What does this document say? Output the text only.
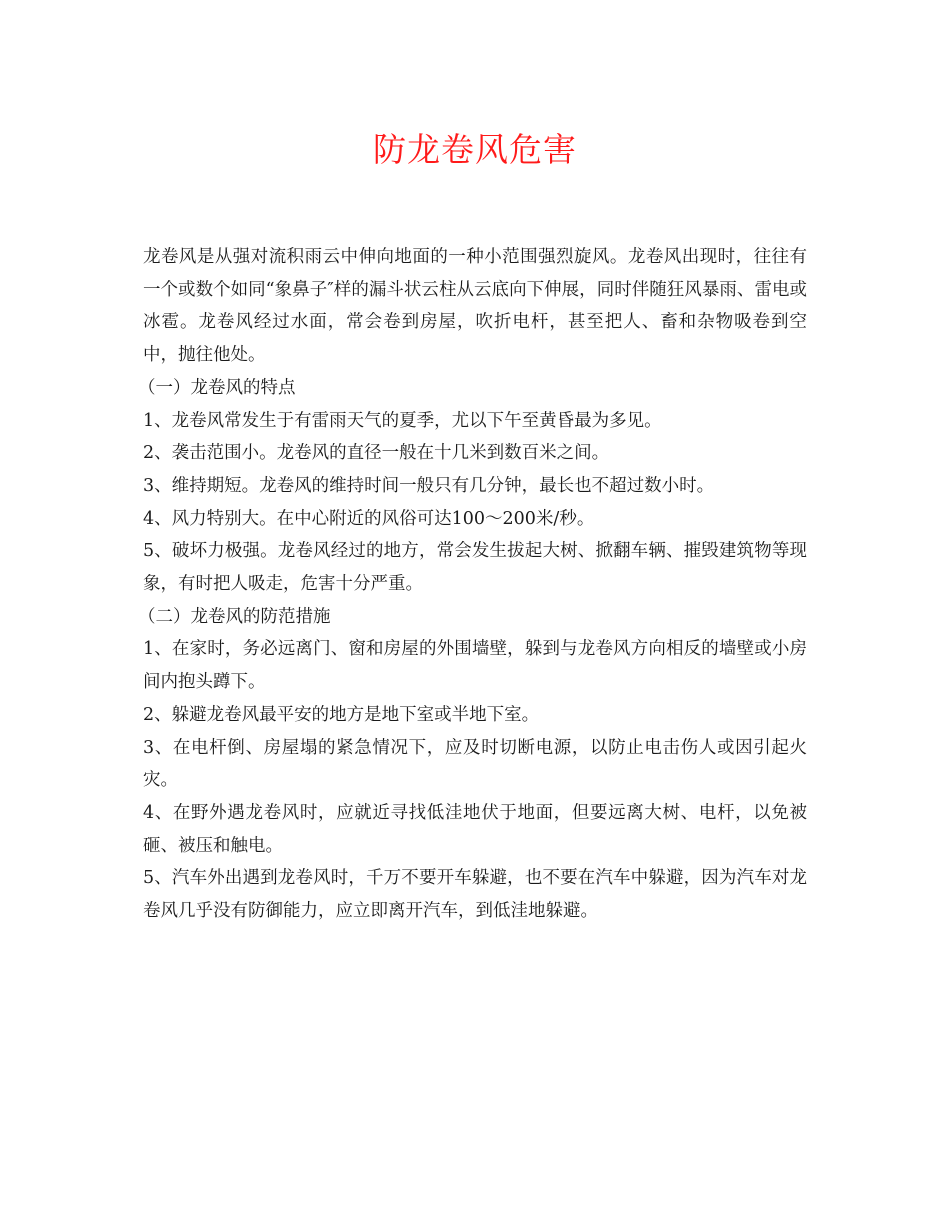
防龙卷风危害

龙卷风是从强对流积雨云中伸向地面的一种小范围强烈旋风。龙卷风出现时，往往有一个或数个如同“象鼻子″样的漏斗状云柱从云底向下伸展，同时伴随狂风暴雨、雷电或冰雹。龙卷风经过水面，常会卷到房屋，吹折电杆，甚至把人、畜和杂物吸卷到空中，抛往他处。

（一）龙卷风的特点

1、龙卷风常发生于有雷雨天气的夏季，尤以下午至黄昏最为多见。

2、袭击范围小。龙卷风的直径一般在十几米到数百米之间。

3、维持期短。龙卷风的维持时间一般只有几分钟，最长也不超过数小时。

4、风力特别大。在中心附近的风俗可达100～200米/秒。

5、破坏力极强。龙卷风经过的地方，常会发生拔起大树、掀翻车辆、摧毁建筑物等现象，有时把人吸走，危害十分严重。

（二）龙卷风的防范措施

1、在家时，务必远离门、窗和房屋的外围墙壁，躲到与龙卷风方向相反的墙壁或小房间内抱头蹲下。

2、躲避龙卷风最平安的地方是地下室或半地下室。

3、在电杆倒、房屋塌的紧急情况下，应及时切断电源，以防止电击伤人或因引起火灾。

4、在野外遇龙卷风时，应就近寻找低洼地伏于地面，但要远离大树、电杆，以免被砸、被压和触电。

5、汽车外出遇到龙卷风时，千万不要开车躲避，也不要在汽车中躲避，因为汽车对龙卷风几乎没有防御能力，应立即离开汽车，到低洼地躲避。
